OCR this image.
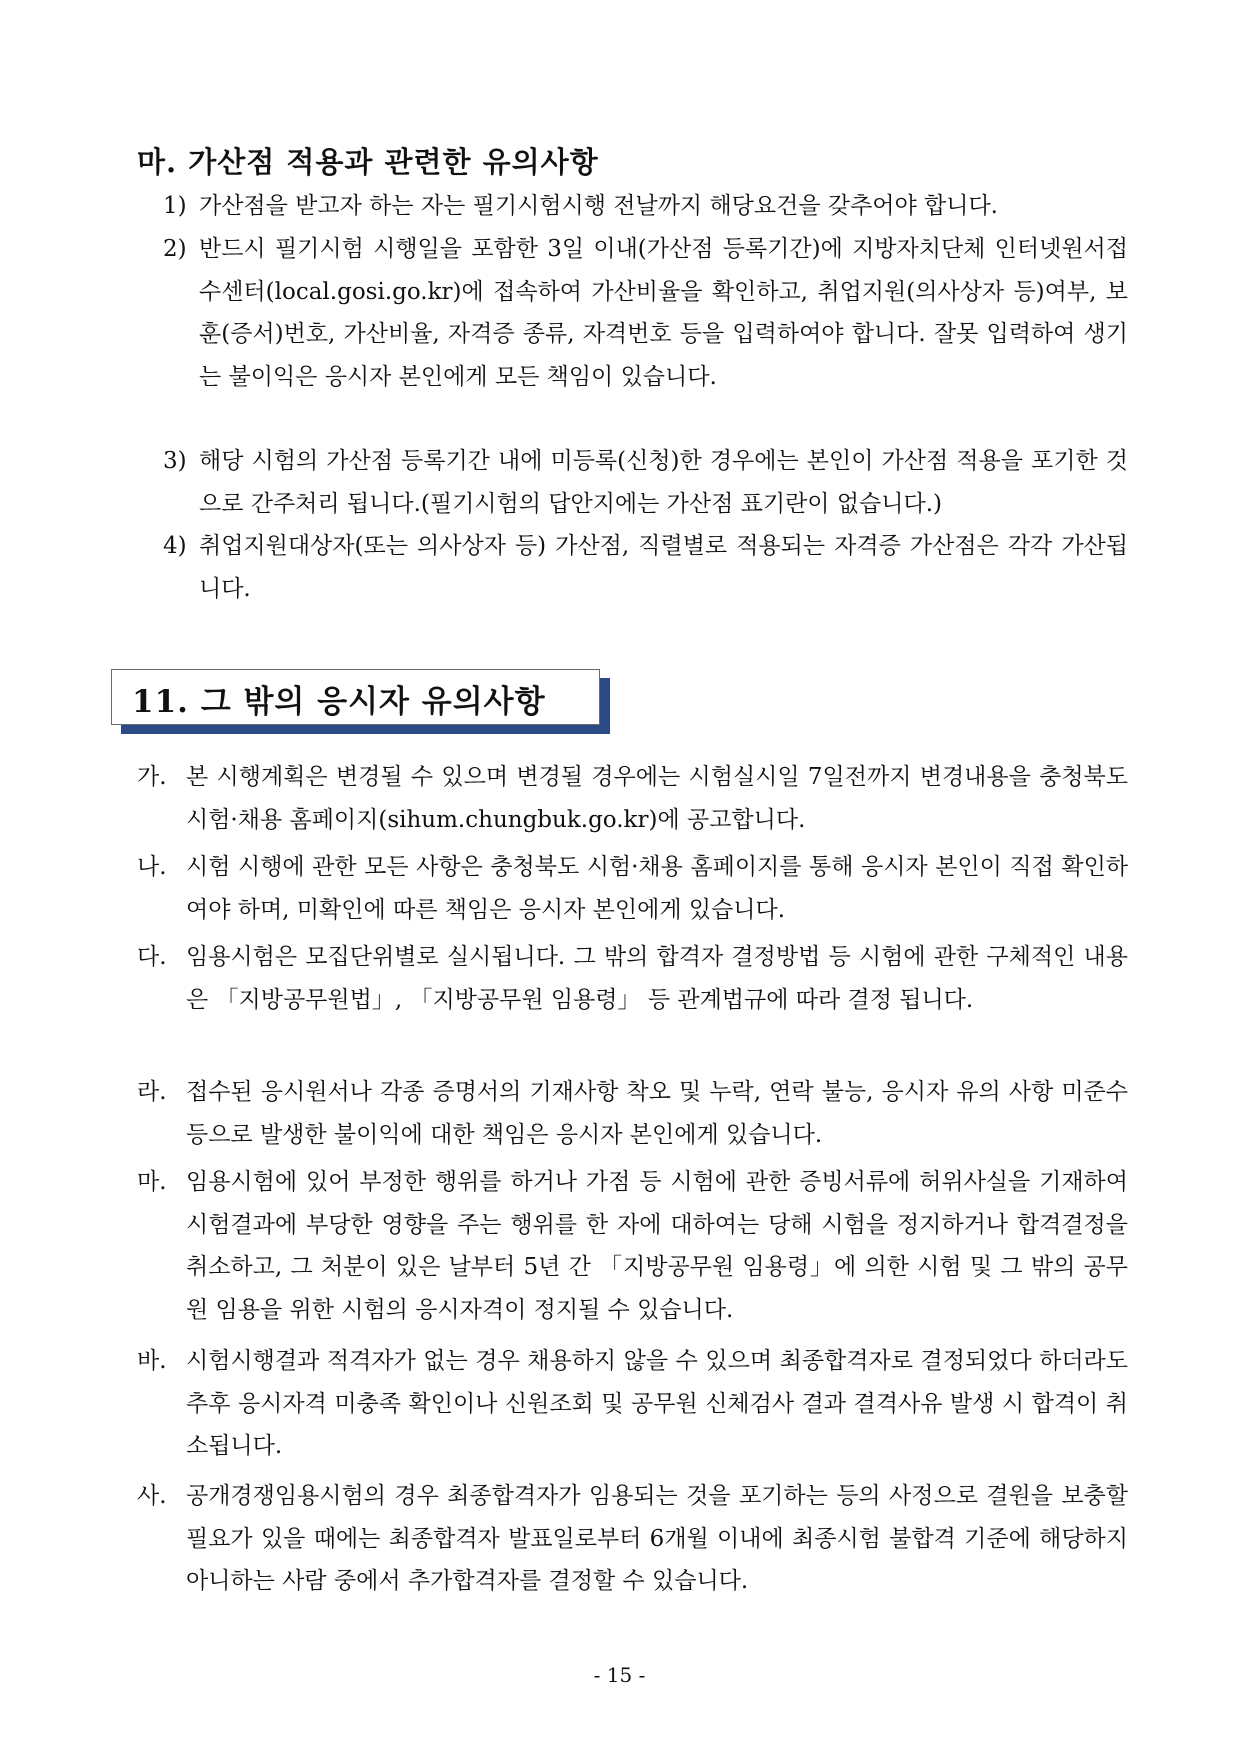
마. 가산점 적용과 관련한 유의사항
1) 가산점을 받고자 하는 자는 필기시험시행 전날까지 해당요건을 갖추어야 합니다.
2) 반드시 필기시험 시행일을 포함한 3일 이내(가산점 등록기간)에 지방자치단체 인터넷원서접수센터(local.gosi.go.kr)에 접속하여 가산비율을 확인하고, 취업지원(의사상자 등)여부, 보훈(증서)번호, 가산비율, 자격증 종류, 자격번호 등을 입력하여야 합니다. 잘못 입력하여 생기는 불이익은 응시자 본인에게 모든 책임이 있습니다.
3) 해당 시험의 가산점 등록기간 내에 미등록(신청)한 경우에는 본인이 가산점 적용을 포기한 것으로 간주처리 됩니다.(필기시험의 답안지에는 가산점 표기란이 없습니다.)
4) 취업지원대상자(또는 의사상자 등) 가산점, 직렬별로 적용되는 자격증 가산점은 각각 가산됩니다.
11. 그 밖의 응시자 유의사항
가. 본 시행계획은 변경될 수 있으며 변경될 경우에는 시험실시일 7일전까지 변경내용을 충청북도 시험·채용 홈페이지(sihum.chungbuk.go.kr)에 공고합니다.
나. 시험 시행에 관한 모든 사항은 충청북도 시험·채용 홈페이지를 통해 응시자 본인이 직접 확인하여야 하며, 미확인에 따른 책임은 응시자 본인에게 있습니다.
다. 임용시험은 모집단위별로 실시됩니다. 그 밖의 합격자 결정방법 등 시험에 관한 구체적인 내용은 「지방공무원법」, 「지방공무원 임용령」 등 관계법규에 따라 결정 됩니다.
라. 접수된 응시원서나 각종 증명서의 기재사항 착오 및 누락, 연락 불능, 응시자 유의 사항 미준수 등으로 발생한 불이익에 대한 책임은 응시자 본인에게 있습니다.
마. 임용시험에 있어 부정한 행위를 하거나 가점 등 시험에 관한 증빙서류에 허위사실을 기재하여 시험결과에 부당한 영향을 주는 행위를 한 자에 대하여는 당해 시험을 정지하거나 합격결정을 취소하고, 그 처분이 있은 날부터 5년 간 「지방공무원 임용령」에 의한 시험 및 그 밖의 공무원 임용을 위한 시험의 응시자격이 정지될 수 있습니다.
바. 시험시행결과 적격자가 없는 경우 채용하지 않을 수 있으며 최종합격자로 결정되었다 하더라도 추후 응시자격 미충족 확인이나 신원조회 및 공무원 신체검사 결과 결격사유 발생 시 합격이 취소됩니다.
사. 공개경쟁임용시험의 경우 최종합격자가 임용되는 것을 포기하는 등의 사정으로 결원을 보충할 필요가 있을 때에는 최종합격자 발표일로부터 6개월 이내에 최종시험 불합격 기준에 해당하지 아니하는 사람 중에서 추가합격자를 결정할 수 있습니다.
- 15 -
